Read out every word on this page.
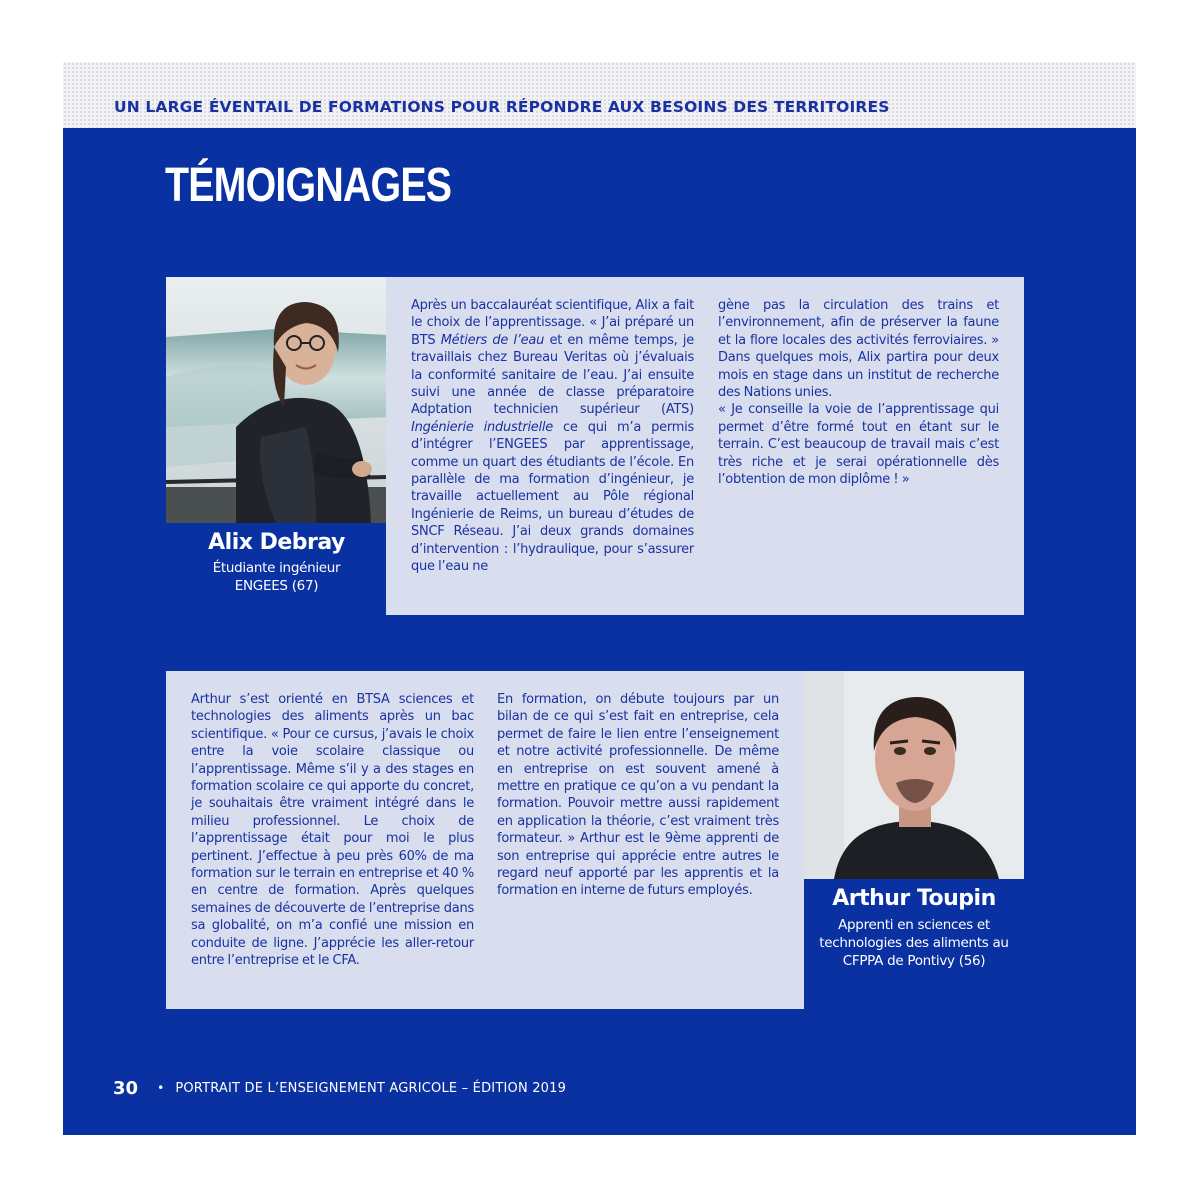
UN LARGE ÉVENTAIL DE FORMATIONS POUR RÉPONDRE AUX BESOINS DES TERRITOIRES
TÉMOIGNAGES
Alix Debray
Étudiante ingénieur
ENGEES (67)

Après un baccalauréat scientifique, Alix a fait le choix de l’apprentissage. « J’ai préparé un BTS Métiers de l’eau et en même temps, je travaillais chez Bureau Veritas où j’évaluais la conformité sanitaire de l’eau. J’ai ensuite suivi une année de classe préparatoire Adptation technicien supérieur (ATS) Ingénierie industrielle ce qui m’a permis d’intégrer l’ENGEES par apprentissage, comme un quart des étudiants de l’école. En parallèle de ma formation d’ingénieur, je travaille actuellement au Pôle régional Ingénierie de Reims, un bureau d’études de SNCF Réseau. J’ai deux grands domaines d’intervention : l’hydraulique, pour s’assurer que l’eau ne

gène pas la circulation des trains et l’environnement, afin de préserver la faune et la flore locales des activités ferroviaires. » Dans quelques mois, Alix partira pour deux mois en stage dans un institut de recherche des Nations unies.

« Je conseille la voie de l’apprentissage qui permet d’être formé tout en étant sur le terrain. C’est beaucoup de travail mais c’est très riche et je serai opérationnelle dès l’obtention de mon diplôme ! »

Arthur s’est orienté en BTSA sciences et technologies des aliments après un bac scientifique. « Pour ce cursus, j’avais le choix entre la voie scolaire classique ou l’apprentissage. Même s’il y a des stages en formation scolaire ce qui apporte du concret, je souhaitais être vraiment intégré dans le milieu professionnel. Le choix de l’apprentissage était pour moi le plus pertinent. J’effectue à peu près 60% de ma formation sur le terrain en entreprise et 40 % en centre de formation. Après quelques semaines de découverte de l’entreprise dans sa globalité, on m’a confié une mission en conduite de ligne. J’apprécie les aller-retour entre l’entreprise et le CFA.
En formation, on débute toujours par un bilan de ce qui s’est fait en entreprise, cela permet de faire le lien entre l’enseignement et notre activité professionnelle. De même en entreprise on est souvent amené à mettre en pratique ce qu’on a vu pendant la formation. Pouvoir mettre aussi rapidement en application la théorie, c’est vraiment très formateur. » Arthur est le 9ème apprenti de son entreprise qui apprécie entre autres le regard neuf apporté par les apprentis et la formation en interne de futurs employés.	Arthur Toupin
Apprenti en sciences et
technologies des aliments au
CFPPA de Pontivy (56)
30 • PORTRAIT DE L’ENSEIGNEMENT AGRICOLE – ÉDITION 2019
